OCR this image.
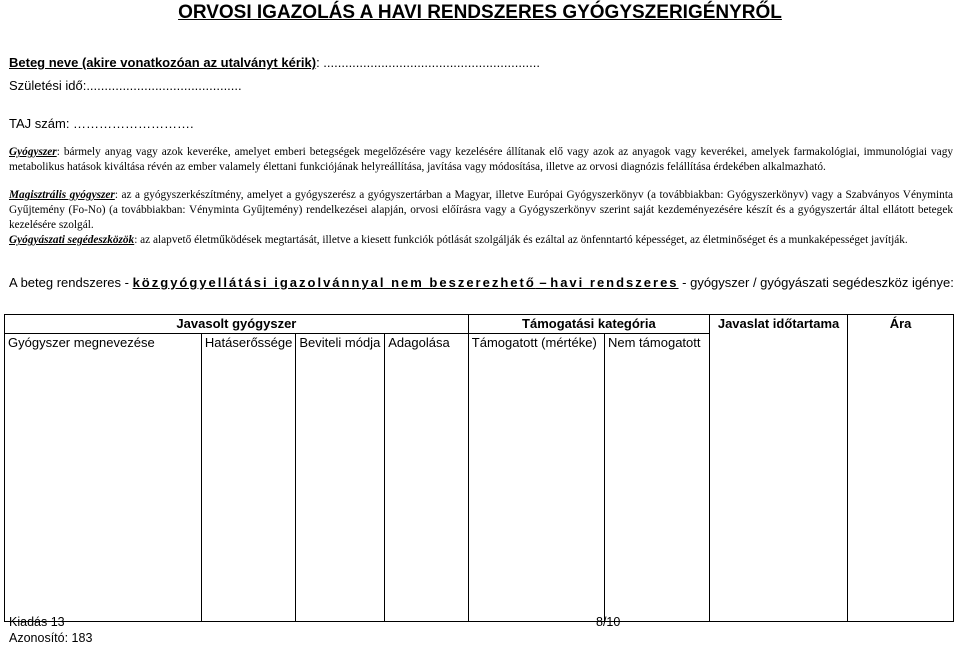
ORVOSI IGAZOLÁS A HAVI RENDSZERES GYÓGYSZERIGÉNYRŐL
Beteg neve (akire vonatkozóan az utalványt kérik): ............................................................
Születési idő:...........................................
TAJ szám: ……………………….
Gyógyszer: bármely anyag vagy azok keveréke, amelyet emberi betegségek megelőzésére vagy kezelésére állítanak elő vagy azok az anyagok vagy keverékei, amelyek farmakológiai, immunológiai vagy metabolikus hatások kiváltása révén az ember valamely élettani funkciójának helyreállítása, javítása vagy módosítása, illetve az orvosi diagnózis felállítása érdekében alkalmazható.
Magisztrális gyógyszer: az a gyógyszerkészítmény, amelyet a gyógyszerész a gyógyszertárban a Magyar, illetve Európai Gyógyszerkönyv (a továbbiakban: Gyógyszerkönyv) vagy a Szabványos Vényminta Gyűjtemény (Fo-No) (a továbbiakban: Vényminta Gyűjtemény) rendelkezései alapján, orvosi előírásra vagy a Gyógyszerkönyv szerint saját kezdeményezésére készít és a gyógyszertár által ellátott betegek kezelésére szolgál.
Gyógyászati segédeszközök: az alapvető életműködések megtartását, illetve a kiesett funkciók pótlását szolgálják és ezáltal az önfenntartó képességet, az életminőséget és a munkaképességet javítják.
A beteg rendszeres - közgyógyellátási igazolvánnyal nem beszerezhető – havi rendszeres - gyógyszer / gyógyászati segédeszköz igénye:
Javasolt gyógyszer				Támogatási kategória		Javaslat időtartama	Ára
Gyógyszer megnevezése	Hatáserőssége	Beviteli módja	Adagolása	Támogatott (mértéke)	Nem támogatott		
Kiadás 13
Azonosító: 183
8/10
